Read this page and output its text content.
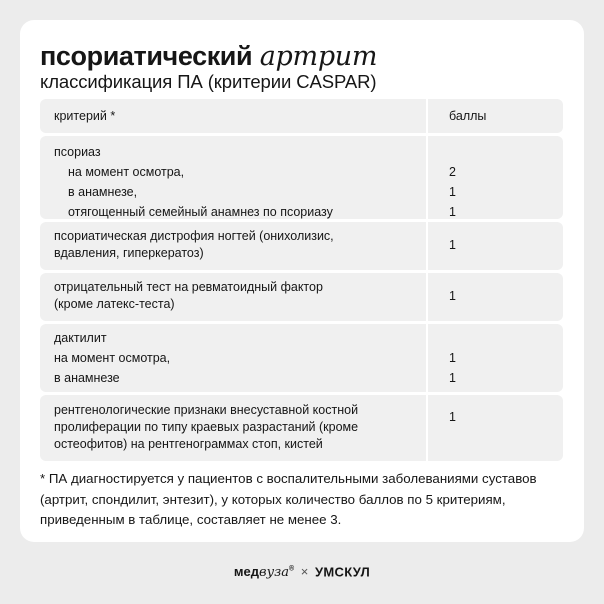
псориатический артрит
классификация ПА (критерии CASPAR)
критерий *	баллы
псориаз
на момент осмотра,
в анамнезе,
отягощенный семейный анамнез по псориазу
2
1
1
псориатическая дистрофия ногтей (онихолизис,
вдавления, гиперкератоз)
1
отрицательный тест на ревматоидный фактор
(кроме латекс-теста)
1
дактилит
на момент осмотра,
в анамнезе
1
1
рентгенологические признаки внесуставной костной
пролиферации по типу краевых разрастаний (кроме
остеофитов) на рентгенограммах стоп, кистей
1
* ПА диагностируется у пациентов с воспалительными заболеваниями суставов (артрит, спондилит, энтезит), у которых количество баллов по 5 критериям, приведенным в таблице, составляет не менее 3.
медвуза® × УМСКУЛ
